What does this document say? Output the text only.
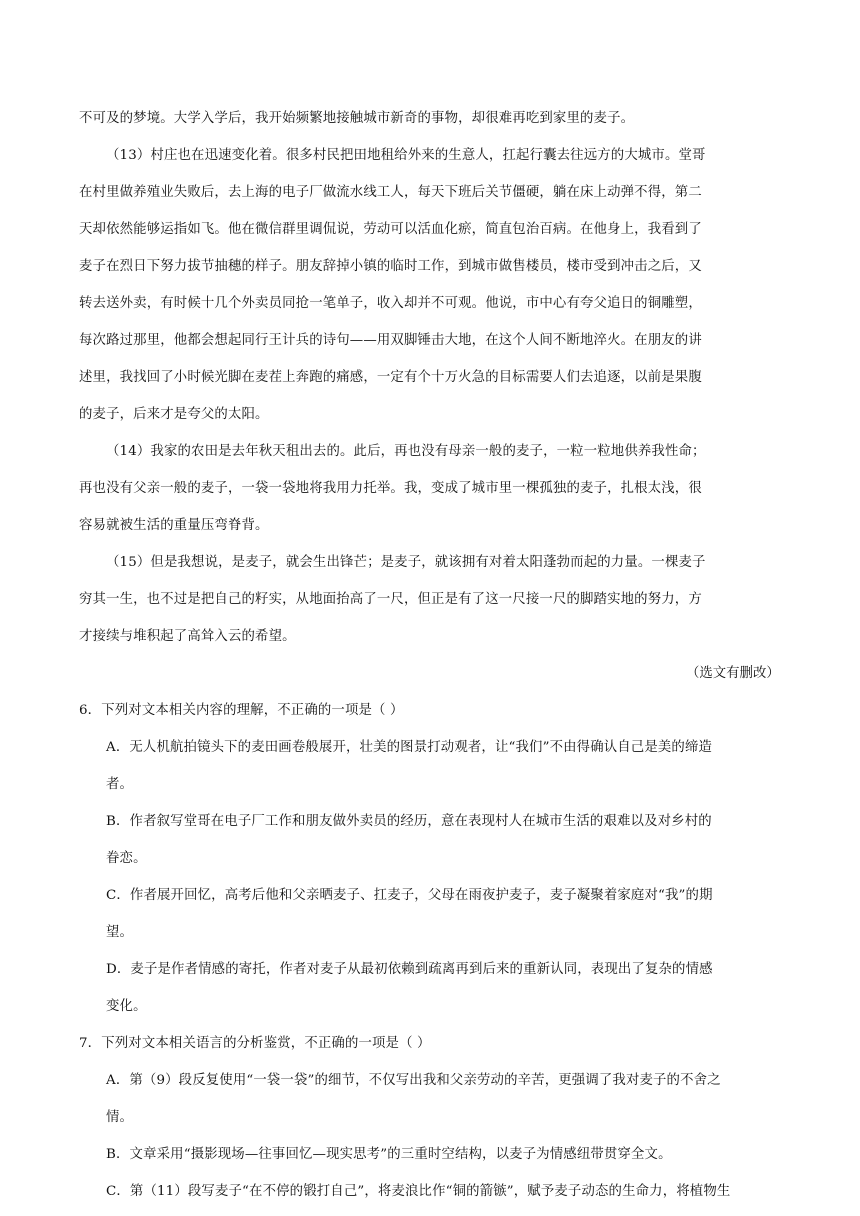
不可及的梦境。大学入学后，我开始频繁地接触城市新奇的事物，却很难再吃到家里的麦子。
（13）村庄也在迅速变化着。很多村民把田地租给外来的生意人，扛起行囊去往远方的大城市。堂哥
在村里做养殖业失败后，去上海的电子厂做流水线工人，每天下班后关节僵硬，躺在床上动弹不得，第二
天却依然能够运指如飞。他在微信群里调侃说，劳动可以活血化瘀，简直包治百病。在他身上，我看到了
麦子在烈日下努力拔节抽穗的样子。朋友辞掉小镇的临时工作，到城市做售楼员，楼市受到冲击之后，又
转去送外卖，有时候十几个外卖员同抢一笔单子，收入却并不可观。他说，市中心有夸父追日的铜雕塑，
每次路过那里，他都会想起同行王计兵的诗句——用双脚锤击大地，在这个人间不断地淬火。在朋友的讲
述里，我找回了小时候光脚在麦茬上奔跑的痛感，一定有个十万火急的目标需要人们去追逐，以前是果腹
的麦子，后来才是夸父的太阳。
（14）我家的农田是去年秋天租出去的。此后，再也没有母亲一般的麦子，一粒一粒地供养我性命；
再也没有父亲一般的麦子，一袋一袋地将我用力托举。我，变成了城市里一棵孤独的麦子，扎根太浅，很
容易就被生活的重量压弯脊背。
（15）但是我想说，是麦子，就会生出锋芒；是麦子，就该拥有对着太阳蓬勃而起的力量。一棵麦子
穷其一生，也不过是把自己的籽实，从地面抬高了一尺，但正是有了这一尺接一尺的脚踏实地的努力，方
才接续与堆积起了高耸入云的希望。
（选文有删改）
6．下列对文本相关内容的理解，不正确的一项是（ ）
A．无人机航拍镜头下的麦田画卷般展开，壮美的图景打动观者，让“我们”不由得确认自己是美的缔造
者。
B．作者叙写堂哥在电子厂工作和朋友做外卖员的经历，意在表现村人在城市生活的艰难以及对乡村的
眷恋。
C．作者展开回忆，高考后他和父亲晒麦子、扛麦子，父母在雨夜护麦子，麦子凝聚着家庭对“我”的期
望。
D．麦子是作者情感的寄托，作者对麦子从最初依赖到疏离再到后来的重新认同，表现出了复杂的情感
变化。
7．下列对文本相关语言的分析鉴赏，不正确的一项是（ ）
A．第（9）段反复使用“一袋一袋”的细节，不仅写出我和父亲劳动的辛苦，更强调了我对麦子的不舍之
情。
B．文章采用“摄影现场—往事回忆—现实思考”的三重时空结构，以麦子为情感纽带贯穿全文。
C．第（11）段写麦子“在不停的锻打自己”，将麦浪比作“铜的箭镞”，赋予麦子动态的生命力，将植物生
